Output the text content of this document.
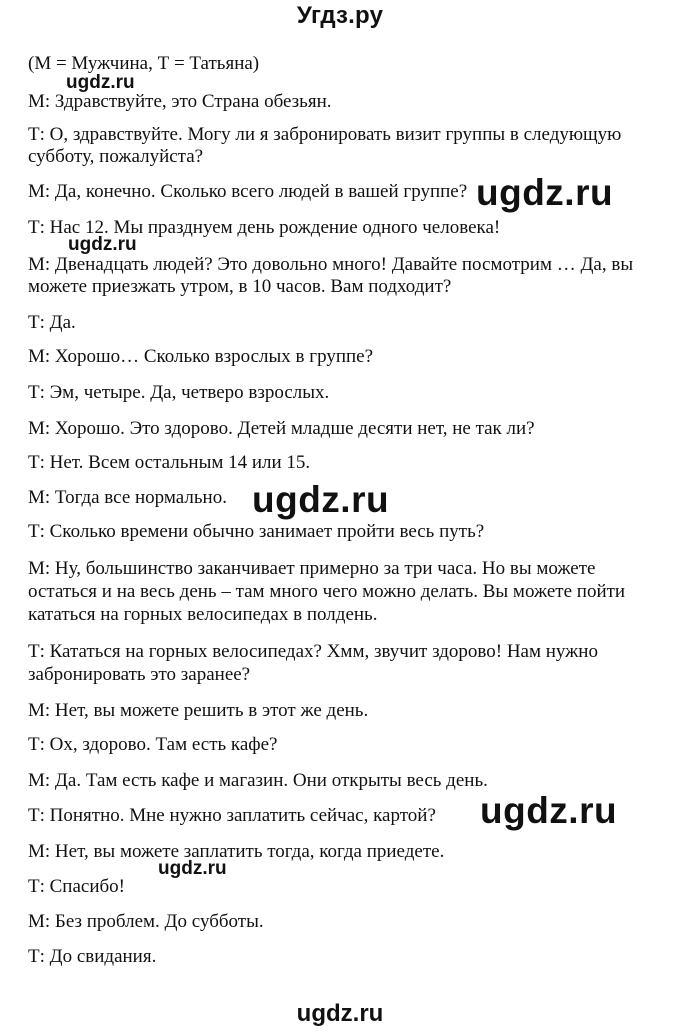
Угдз.ру
(М = Мужчина, Т = Татьяна)
М: Здравствуйте, это Страна обезьян.
Т: О, здравствуйте. Могу ли я забронировать визит группы в следующую
субботу, пожалуйста?
М: Да, конечно. Сколько всего людей в вашей группе?
Т: Нас 12. Мы празднуем день рождение одного человека!
М: Двенадцать людей? Это довольно много! Давайте посмотрим … Да, вы
можете приезжать утром, в 10 часов. Вам подходит?
Т: Да.
М: Хорошо… Сколько взрослых в группе?
Т: Эм, четыре. Да, четверо взрослых.
М: Хорошо. Это здорово. Детей младше десяти нет, не так ли?
Т: Нет. Всем остальным 14 или 15.
М: Тогда все нормально.
Т: Сколько времени обычно занимает пройти весь путь?
М: Ну, большинство заканчивает примерно за три часа. Но вы можете
остаться и на весь день – там много чего можно делать. Вы можете пойти
кататься на горных велосипедах в полдень.
Т: Кататься на горных велосипедах? Хмм, звучит здорово! Нам нужно
забронировать это заранее?
М: Нет, вы можете решить в этот же день.
Т: Ох, здорово. Там есть кафе?
М: Да. Там есть кафе и магазин. Они открыты весь день.
Т: Понятно. Мне нужно заплатить сейчас, картой?
М: Нет, вы можете заплатить тогда, когда приедете.
Т: Спасибо!
М: Без проблем. До субботы.
Т: До свидания.
ugdz.ru
ugdz.ru
ugdz.ru
ugdz.ru
ugdz.ru
ugdz.ru
ugdz.ru
